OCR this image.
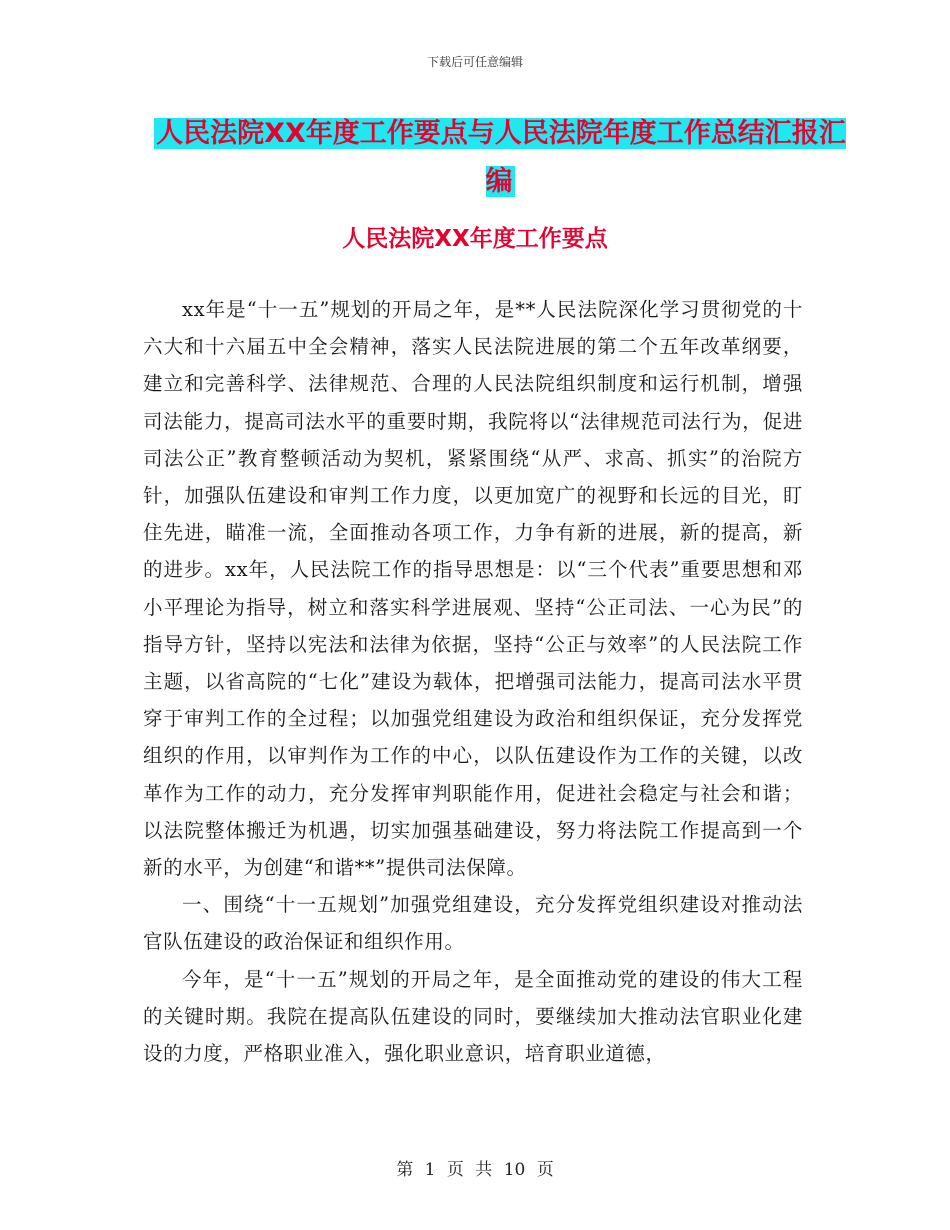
下载后可任意编辑
人民法院XX年度工作要点与人民法院年度工作总结汇报汇编
人民法院XX年度工作要点

xx年是“十一五”规划的开局之年，是**人民法院深化学习贯彻党的十六大和十六届五中全会精神，落实人民法院进展的第二个五年改革纲要，建立和完善科学、法律规范、合理的人民法院组织制度和运行机制，增强司法能力，提高司法水平的重要时期，我院将以“法律规范司法行为，促进司法公正”教育整顿活动为契机，紧紧围绕“从严、求高、抓实”的治院方针，加强队伍建设和审判工作力度，以更加宽广的视野和长远的目光，盯住先进，瞄准一流，全面推动各项工作，力争有新的进展，新的提高，新的进步。xx年，人民法院工作的指导思想是：以“三个代表”重要思想和邓小平理论为指导，树立和落实科学进展观、坚持“公正司法、一心为民”的指导方针，坚持以宪法和法律为依据，坚持“公正与效率”的人民法院工作主题，以省高院的“七化”建设为载体，把增强司法能力，提高司法水平贯穿于审判工作的全过程；以加强党组建设为政治和组织保证，充分发挥党组织的作用，以审判作为工作的中心，以队伍建设作为工作的关键，以改革作为工作的动力，充分发挥审判职能作用，促进社会稳定与社会和谐；以法院整体搬迁为机遇，切实加强基础建设，努力将法院工作提高到一个新的水平，为创建“和谐**”提供司法保障。

一、围绕“十一五规划”加强党组建设，充分发挥党组织建设对推动法官队伍建设的政治保证和组织作用。

今年，是“十一五”规划的开局之年，是全面推动党的建设的伟大工程的关键时期。我院在提高队伍建设的同时，要继续加大推动法官职业化建设的力度，严格职业准入，强化职业意识，培育职业道德，

第 1 页 共 10 页
